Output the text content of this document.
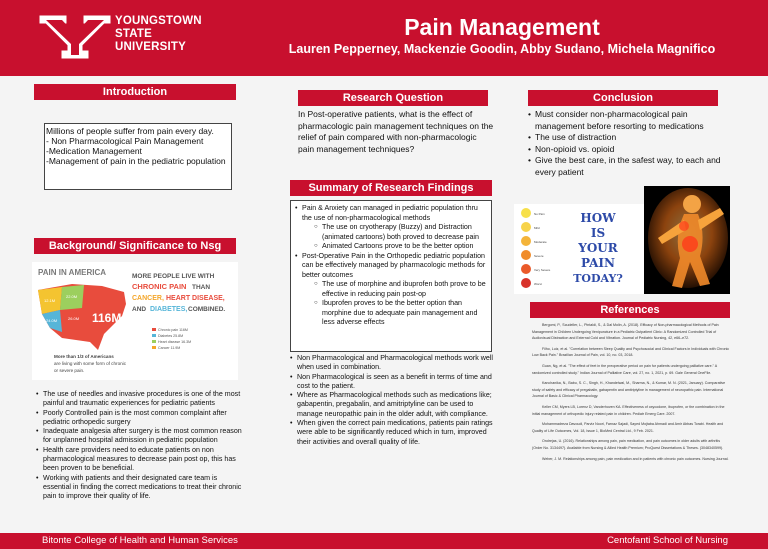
YOUNGSTOWN
STATE
UNIVERSITY
Pain Management
Lauren Pepperney, Mackenzie Goodin, Abby Sudano, Michela Magnifico
Introduction
Millions of people suffer from pain every day.
- Non Pharmacological Pain Management
-Medication Management
-Management of pain in the pediatric population
Background/ Significance to Nsg
PAIN IN AMERICA
12.1M
22.0M
24.0M	26.0M 116M
MORE PEOPLE LIVE WITH
CHRONIC PAIN THAN
CANCER, HEART DISEASE,
AND DIABETES, COMBINED.
Chronic pain 116M
Diabetes 25.8M
Heart disease 16.3M
Cancer 11.9M
More than 1/3 of Americans
are living with some form of chronic
or severe pain.
• The use of needles and invasive procedures is one of the most painful and traumatic experiences for pediatric patients
• Poorly Controlled pain is the most common complaint after pediatric orthopedic surgery
• Inadequate analgesia after surgery is the most common reason for unplanned hospital admission in pediatric population
• Health care providers need to educate patients on non pharmacological measures to decrease pain post op, this has been proven to be beneficial.
• Working with patients and their designated care team is essential in finding the correct medications to treat their chronic pain to improve their quality of life.
Research Question
In Post-operative patients, what is the effect of pharmacologic pain management techniques on the relief of pain compared with non-pharmacologic pain management techniques?
Summary of Research Findings
• Pain & Anxiety can managed in pediatric population thru the use of non-pharmacological methods
○ The use on cryotherapy (Buzzy) and Distraction (animated cartoons) both proved to decrease pain
○ Animated Cartoons prove to be the better option
• Post-Operative Pain in the Orthopedic pediatric population can be effectively managed by pharmacologic methods for better outcomes
○ The use of morphine and ibuprofen both prove to be effective in reducing pain post-op
○ Ibuprofen proves to be the better option than morphine due to adequate pain management and less adverse effects
• Non Pharmacological and Pharmacological methods work well when used in combination.
• Non Pharmacological is seen as a benefit in terms of time and cost to the patient.
• Where as Pharmacological methods such as medications like; gabapentin, pregabalin, and amitriptyline can be used to manage neuropathic pain in the older adult, with compliance.
• When given the correct pain medications, patients pain ratings were able to be significantly reduced which in turn, improved their activities and overall quality of life.
Conclusion
• Must consider non-pharmacological pain management before resorting to medications
• The use of distraction
• Non-opioid vs. opioid
• Give the best care, in the safest way, to each and every patient
No Pain
Mild
Moderate
Severe
Very Severe
Worst
HOW
IS
YOUR
PAIN
TODAY?
References

Bergomi, P., Scudeller, L., Pintaldi, S., & Dal Molin, A. (2018). Efficacy of Non-pharmacological Methods of Pain Management in Children Undergoing Venipuncture in a Pediatric Outpatient Clinic: A Randomized Controlled Trial of Audiovisual Distraction and External Cold and Vibration. Journal of Pediatric Nursing, 42, e66–e72.

Filho, Luiz, et al. "Correlation between Sleep Quality and Psychosocial and Clinical Factors in Individuals with Chronic Low Back Pain." Brazilian Journal of Pain, vol. 10, no. 03, 2018.

Guan, Ng, et al. "The effect of feet in the preoperative period on pain for patients undergoing palliative care." A randomized controlled study." Indian Journal of Palliative Care, vol. 27, no. 1, 2021, p. 69. Gale General OneFile.

Kanchanika, N., Babu, S. C., Singh, H., Khandelwal, M., Sharma, N., & Kumar, M. N. (2021, January). Comparative study of safety and efficacy of pregabalin, gabapentin and amitriptyline in management of neuropathic pain. International Journal of Basic & Clinical Pharmacology.

Keller CM, Myers LB, Lorenz D, Vanderhoven KA. Effectiveness of oxycodone, ibuprofen, or the combination in the initial management of orthopedic injury related pain in children. Pediatr Emerg Care. 2007.

Mohammadreza Davoudi, Parviz Noori, Farnaz Sajadi, Sayed Mojtaba Ahmadi and Amir Abbas Torabi. Health and Quality of Life Outcomes, Vol. 18, Issue 1, BioMed Central Ltd., 9 Feb. 2021.

Ondrejas, U. (2016). Relationships among pain, pain medication, and pain outcomes in older adults with arthritis (Order No. 3134497). Available from Nursing & Allied Health Premium; ProQuest Dissertations & Theses. (3048340599).

Weber, J. M. Relationships among pain, pain medication and in patients with chronic pain outcomes. Nursing Journal.

Bitonte College of Health and Human Services	Centofanti School of Nursing
